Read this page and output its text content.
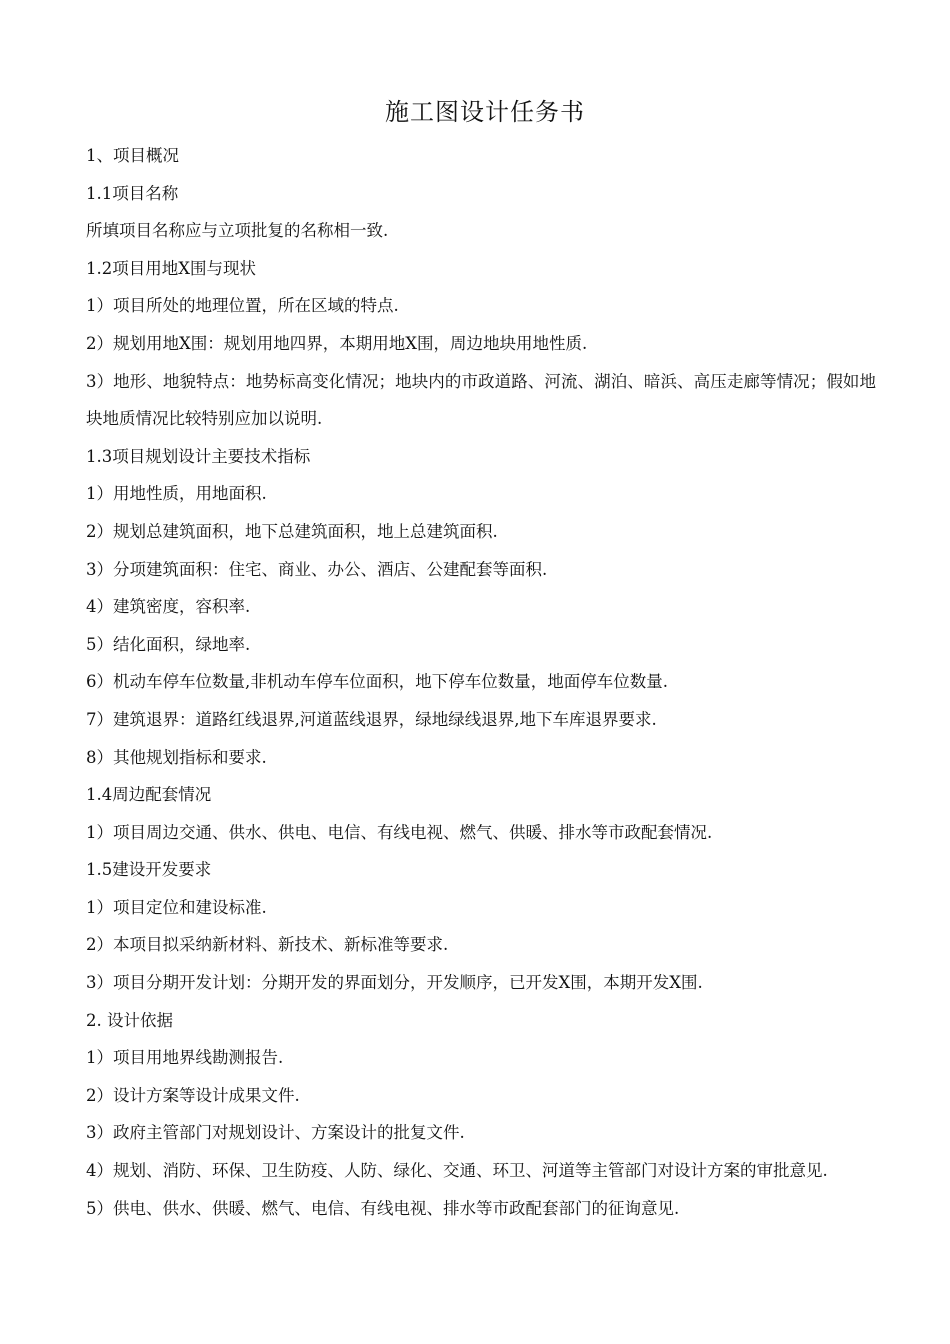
施工图设计任务书
1、项目概况
1.1项目名称
所填项目名称应与立项批复的名称相一致.
1.2项目用地X围与现状
1）项目所处的地理位置，所在区域的特点.
2）规划用地X围：规划用地四界，本期用地X围，周边地块用地性质.
3）地形、地貌特点：地势标高变化情况；地块内的市政道路、河流、湖泊、暗浜、高压走廊等情况；假如地块地质情况比较特别应加以说明.
1.3项目规划设计主要技术指标
1）用地性质，用地面积.
2）规划总建筑面积，地下总建筑面积，地上总建筑面积.
3）分项建筑面积：住宅、商业、办公、酒店、公建配套等面积.
4）建筑密度，容积率.
5）结化面积，绿地率.
6）机动车停车位数量,非机动车停车位面积，地下停车位数量，地面停车位数量.
7）建筑退界：道路红线退界,河道蓝线退界，绿地绿线退界,地下车库退界要求.
8）其他规划指标和要求.
1.4周边配套情况
1）项目周边交通、供水、供电、电信、有线电视、燃气、供暖、排水等市政配套情况.
1.5建设开发要求
1）项目定位和建设标准.
2）本项目拟采纳新材料、新技术、新标准等要求.
3）项目分期开发计划：分期开发的界面划分，开发顺序，已开发X围，本期开发X围.
2. 设计依据
1）项目用地界线勘测报告.
2）设计方案等设计成果文件.
3）政府主管部门对规划设计、方案设计的批复文件.
4）规划、消防、环保、卫生防疫、人防、绿化、交通、环卫、河道等主管部门对设计方案的审批意见.
5）供电、供水、供暖、燃气、电信、有线电视、排水等市政配套部门的征询意见.
